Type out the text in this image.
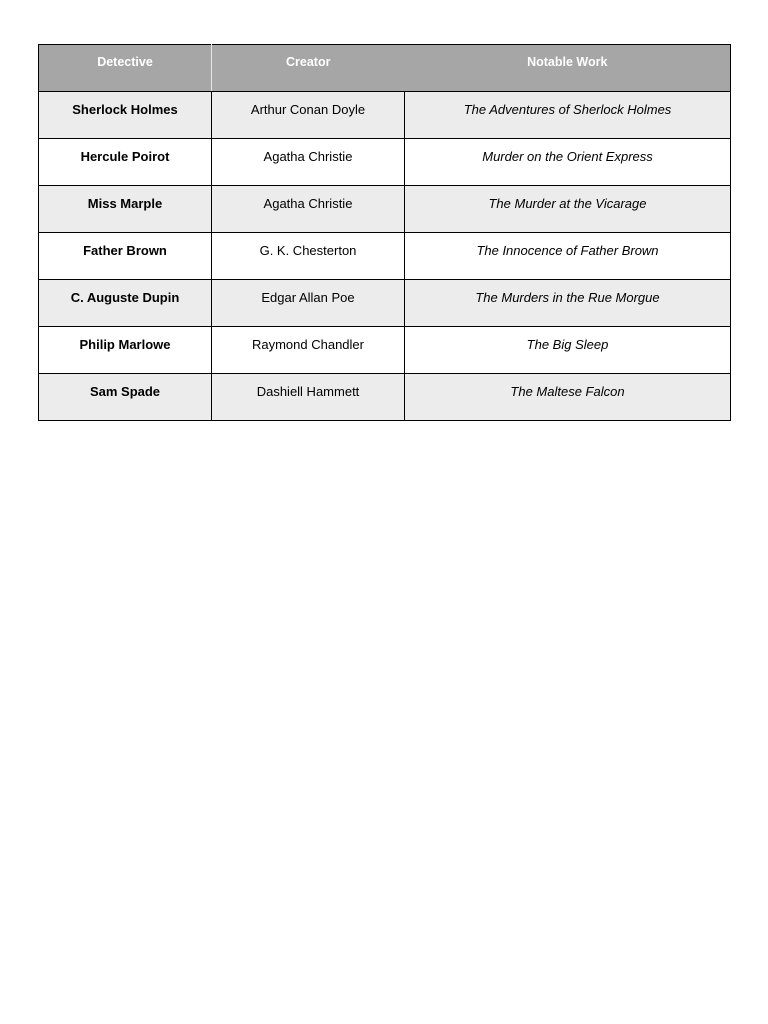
Detective	Creator	Notable Work
Sherlock Holmes	Arthur Conan Doyle	The Adventures of Sherlock Holmes
Hercule Poirot	Agatha Christie	Murder on the Orient Express
Miss Marple	Agatha Christie	The Murder at the Vicarage
Father Brown	G. K. Chesterton	The Innocence of Father Brown
C. Auguste Dupin	Edgar Allan Poe	The Murders in the Rue Morgue
Philip Marlowe	Raymond Chandler	The Big Sleep
Sam Spade	Dashiell Hammett	The Maltese Falcon
